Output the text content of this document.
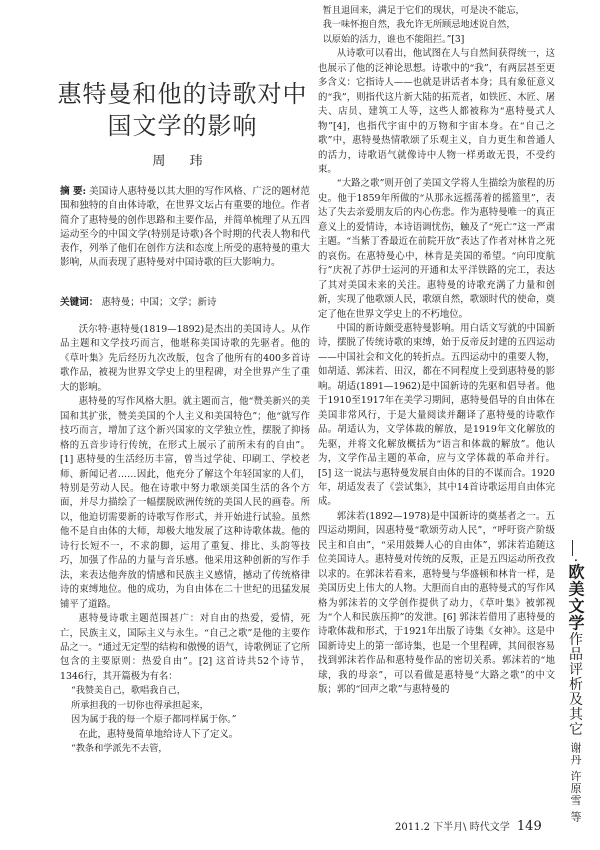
惠特曼和他的诗歌对中
国文学的影响
周 玮
摘 要: 美国诗人惠特曼以其大胆的写作风格、广泛的题材范围和独特的自由体诗歌，在世界文坛占有重要的地位。作者简介了惠特曼的创作思路和主要作品，并简单梳理了从五四运动至今的中国文学(特别是诗歌)各个时期的代表人物和代表作，列举了他们在创作方法和态度上所受的惠特曼的重大影响，从而表现了惠特曼对中国诗歌的巨大影响力。
关键词： 惠特曼；中国；文学；新诗

沃尔特·惠特曼(1819—1892)是杰出的美国诗人。从作品主题和文学技巧而言，他堪称美国诗歌的先驱者。他的《草叶集》先后经历九次改版，包含了他所有的400多首诗歌作品，被视为世界文学史上的里程碑，对全世界产生了重大的影响。

惠特曼的写作风格大胆。就主题而言，他“赞美新兴的美国和其扩张，赞美美国的个人主义和美国特色”；他“就写作技巧而言，增加了这个新兴国家的文学独立性，摆脱了抑扬格的五音步诗行传统，在形式上展示了前所未有的自由”。[1] 惠特曼的生活经历丰富，曾当过学徒、印刷工、学校老师、新闻记者……因此，他充分了解这个年轻国家的人们，特别是劳动人民。他在诗歌中努力歌颂美国生活的各个方面，并尽力描绘了一幅摆脱欧洲传统的美国人民的画卷。所以，他迫切需要新的诗歌写作形式，并开始进行试验。虽然他不是自由体的大师，却极大地发展了这种诗歌体裁。他的诗行长短不一，不求韵脚，运用了重复、排比、头韵等技巧，加强了作品的力量与音乐感。他采用这种创新的写作手法，来表达他奔放的情感和民族主义感情，撼动了传统格律诗的束缚地位。他的成功，为自由体在二十世纪的迅猛发展铺平了道路。

惠特曼诗歌主题范围甚广：对自由的热爱，爱情，死亡，民族主义，国际主义与永生。“自己之歌”是他的主要作品之一。“通过无定型的结构和傲慢的语气，诗歌例证了它所包含的主要原则：热爱自由”。[2] 这首诗共52个诗节，1346行，其开篇极为有名：

“我赞美自己，歌唱我自己，
所承担我的一切你也得承担起来，
因为属于我的每一个原子都同样属于你。”

在此，惠特曼简单地给诗人下了定义。

“教条和学派先不去管，
暂且退回来，满足于它们的现状，可是决不能忘，
我一味怀抱自然，我允许无所顾忌地述说自然，
以原始的活力，谁也不能阻拦。”[3]

从诗歌可以看出，他试图在人与自然间获得统一，这也展示了他的泛神论思想。诗歌中的“我”，有两层甚至更多含义：它指诗人——也就是讲话者本身；具有象征意义的“我”，则指代这片新大陆的拓荒者，如铁匠、木匠、屠夫、店员、建筑工人等，这些人都被称为“惠特曼式人物”[4]，也指代宇宙中的万物和宇宙本身。在“自己之歌”中，惠特曼热情歌颂了乐观主义，自力更生和普通人的活力，诗歌语气就像诗中人物一样勇敢无畏，不受约束。

“大路之歌”则开创了美国文学将人生描绘为旅程的历史。他于1859年所做的“从那永远摇荡着的摇篮里”，表达了失去亲爱朋友后的内心伤悲。作为惠特曼唯一的真正意义上的爱情诗，本诗语调忧伤，触及了“死亡”这一严肃主题。“当紫丁香最近在前院开放”表达了作者对林肯之死的哀伤。在惠特曼心中，林肯是美国的希望。“向印度航行”庆祝了苏伊士运河的开通和太平洋铁路的完工，表达了其对美国未来的关注。惠特曼的诗歌充满了力量和创新，实现了他歌颂人民，歌颂自然，歌颂时代的使命，奠定了他在世界文学史上的不朽地位。

中国的新诗颇受惠特曼影响。用白话文写就的中国新诗，摆脱了传统诗歌的束缚，始于反帝反封建的五四运动——中国社会和文化的转折点。五四运动中的重要人物，如胡适、郭沫若、田汉，都在不同程度上受到惠特曼的影响。胡适(1891—1962)是中国新诗的先驱和倡导者。他于1910至1917年在美学习期间，惠特曼倡导的自由体在美国非常风行，于是大量阅读并翻译了惠特曼的诗歌作品。胡适认为，文学体裁的解放，是1919年文化解放的先驱，并将文化解放概括为“语言和体裁的解放”。他认为，文学作品主题的革命，应与文学体裁的革命并行。[5] 这一说法与惠特曼发展自由体的目的不谋而合。1920年，胡适发表了《尝试集》，其中14首诗歌运用自由体完成。

郭沫若(1892—1978)是中国新诗的奠基者之一。五四运动期间，因惠特曼“歌颂劳动人民”，“呼吁资产阶级民主和自由”，“采用鼓舞人心的自由体”，郭沫若追随这位美国诗人。惠特曼对传统的反叛，正是五四运动所孜孜以求的。在郭沫若看来，惠特曼与华盛顿和林肯一样，是美国历史上伟大的人物。大胆而自由的惠特曼式的写作风格为郭沫若的文学创作提供了动力，《草叶集》被郭视为“个人和民族压抑”的发泄。[6] 郭沫若借用了惠特曼的诗歌体裁和形式，于1921年出版了诗集《女神》。这是中国新诗史上的第一部诗集，也是一个里程碑，其间很容易找到郭沫若作品和惠特曼作品的密切关系。郭沫若的“地球，我的母亲”，可以看做是惠特曼“大路之歌”的中文版；郭的“回声之歌”与惠特曼的

·欧美文学作品评析及其它 谢丹 许原雪 等
2011.2 下半月\ 時代文学 149
